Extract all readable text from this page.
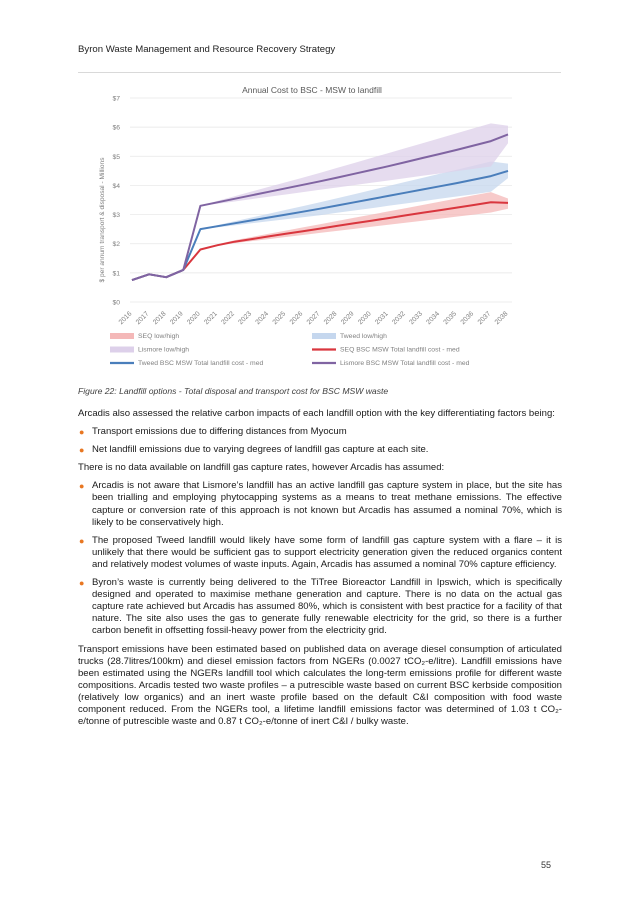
Byron Waste Management and Resource Recovery Strategy
Annual Cost to BSC - MSW to landfill
$ per annum transport & disposal - Millions
$0
$1
$2
$3
$4
$5
$6
$7
2016 2017 2018 2019 2020 2021 2022 2023 2024 2025 2026 2027 2028 2029 2030 2031 2032 2033 2034 2035 2036 2037 2038
SEQ low/high	Tweed low/high
Lismore low/high	SEQ BSC MSW Total landfill cost - med
Tweed BSC MSW Total landfill cost - med	Lismore BSC MSW Total landfill cost - med
Figure 22: Landfill options - Total disposal and transport cost for BSC MSW waste

Arcadis also assessed the relative carbon impacts of each landfill option with the key differentiating factors being:

● Transport emissions due to differing distances from Myocum
● Net landfill emissions due to varying degrees of landfill gas capture at each site.

There is no data available on landfill gas capture rates, however Arcadis has assumed:

● Arcadis is not aware that Lismore’s landfill has an active landfill gas capture system in place, but the site has been trialling and employing phytocapping systems as a means to treat methane emissions. The effective capture or conversion rate of this approach is not known but Arcadis has assumed a nominal 70%, which is likely to be conservatively high.
● The proposed Tweed landfill would likely have some form of landfill gas capture system with a flare – it is unlikely that there would be sufficient gas to support electricity generation given the reduced organics content and relatively modest volumes of waste inputs. Again, Arcadis has assumed a nominal 70% capture efficiency.
● Byron’s waste is currently being delivered to the TiTree Bioreactor Landfill in Ipswich, which is specifically designed and operated to maximise methane generation and capture. There is no data on the actual gas capture rate achieved but Arcadis has assumed 80%, which is consistent with best practice for a facility of that nature. The site also uses the gas to generate fully renewable electricity for the grid, so there is a further carbon benefit in offsetting fossil-heavy power from the electricity grid.

Transport emissions have been estimated based on published data on average diesel consumption of articulated trucks (28.7litres/100km) and diesel emission factors from NGERs (0.0027 tCO₂-e/litre). Landfill emissions have been estimated using the NGERs landfill tool which calculates the long-term emissions profile for different waste compositions. Arcadis tested two waste profiles – a putrescible waste based on current BSC kerbside composition (relatively low organics) and an inert waste profile based on the default C&I composition with food waste component reduced. From the NGERs tool, a lifetime landfill emissions factor was determined of 1.03 t CO₂-e/tonne of putrescible waste and 0.87 t CO₂-e/tonne of inert C&I / bulky waste.

55
